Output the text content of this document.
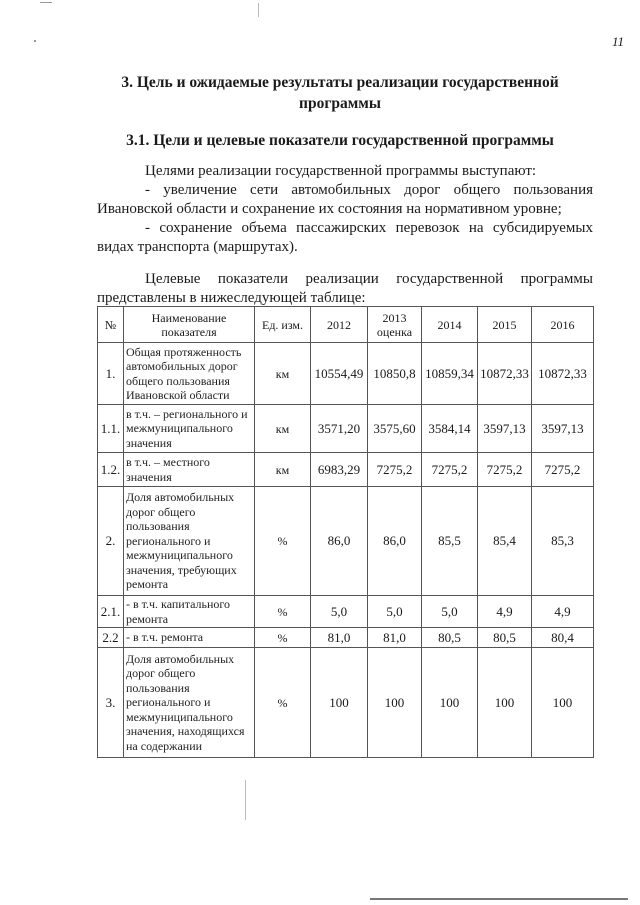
11
3. Цель и ожидаемые результаты реализации государственной
программы
3.1. Цели и целевые показатели государственной программы
Целями реализации государственной программы выступают:
- увеличение сети автомобильных дорог общего пользования Ивановской области и сохранение их состояния на нормативном уровне;
- сохранение объема пассажирских перевозок на субсидируемых видах транспорта (маршрутах).
Целевые показатели реализации государственной программы представлены в нижеследующей таблице:
№	Наименование показателя	Ед. изм.	2012	2013 оценка	2014	2015	2016
1.	Общая протяженность автомобильных дорог общего пользования Ивановской области	км	10554,49	10850,8	10859,34	10872,33	10872,33
1.1.	в т.ч. – регионального и межмуниципального значения	км	3571,20	3575,60	3584,14	3597,13	3597,13
1.2.	в т.ч. – местного значения	км	6983,29	7275,2	7275,2	7275,2	7275,2
2.	Доля автомобильных дорог общего пользования регионального и межмуниципального значения, требующих ремонта	%	86,0	86,0	85,5	85,4	85,3
2.1.	- в т.ч. капитального ремонта	%	5,0	5,0	5,0	4,9	4,9
2.2	- в т.ч. ремонта	%	81,0	81,0	80,5	80,5	80,4
3.	Доля автомобильных дорог общего пользования регионального и межмуниципального значения, находящихся на содержании	%	100	100	100	100	100
